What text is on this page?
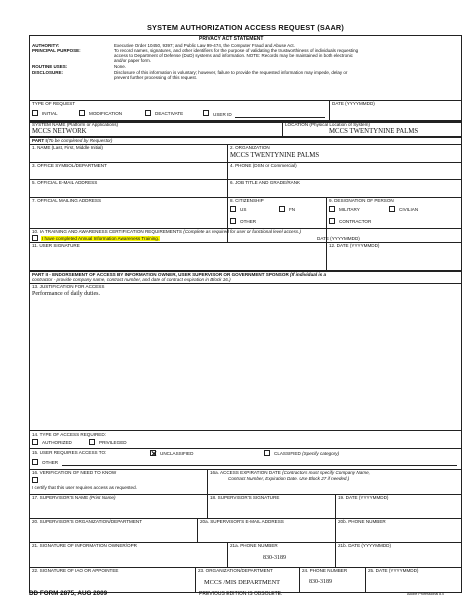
SYSTEM AUTHORIZATION ACCESS REQUEST (SAAR)
PRIVACY ACT STATEMENT
AUTHORITY:	Executive Order 10450, 9397; and Public Law 99-474, the Computer Fraud and Abuse Act.
PRINCIPAL PURPOSE:	To record names, signatures, and other identifiers for the purpose of validating the trustworthiness of individuals requesting
access to Department of Defense (DoD) systems and information. NOTE: Records may be maintained in both electronic
and/or paper form.
ROUTINE USES:	None.
DISCLOSURE:	Disclosure of this information is voluntary; however, failure to provide the requested information may impede, delay or
prevent further processing of this request.
TYPE OF REQUEST
INITIAL	MODIFICATION	DEACTIVATE	USER ID
DATE (YYYYMMDD)
SYSTEM NAME (Platform or Applications)
MCCS NETWORK
LOCATION (Physical Location of System)
MCCS TWENTYNINE PALMS
PART I (To be completed by Requestor)
1. NAME (Last, First, Middle Initial)	2. ORGANIZATION
MCCS TWENTYNINE PALMS
3. OFFICE SYMBOL/DEPARTMENT	4. PHONE (DSN or Commercial)
5. OFFICIAL E-MAIL ADDRESS	6. JOB TITLE AND GRADE/RANK
7. OFFICIAL MAILING ADDRESS	8. CITIZENSHIP
US	FN
OTHER
9. DESIGNATION OF PERSON
MILITARY	CIVILIAN
CONTRACTOR
10. IA TRAINING AND AWARENESS CERTIFICATION REQUIREMENTS (Complete as required for user or functional level access.)
I have completed Annual Information Awareness Training.	DATE (YYYYMMDD)
11. USER SIGNATURE	12. DATE (YYYYMMDD)
PART II - ENDORSEMENT OF ACCESS BY INFORMATION OWNER, USER SUPERVISOR OR GOVERNMENT SPONSOR (If individual is a
contractor - provide company name, contract number, and date of contract expiration in Block 16.)
13. JUSTIFICATION FOR ACCESS
Performance of daily duties.
14. TYPE OF ACCESS REQUIRED:
AUTHORIZED	PRIVILEGED
15. USER REQUIRES ACCESS TO:	UNCLASSIFIED	CLASSIFIED (Specify category)
OTHER
16. VERIFICATION OF NEED TO KNOW
I certify that this user requires access as requested.
16a. ACCESS EXPIRATION DATE (Contractors must specify Company Name,
Contract Number, Expiration Date. Use Block 27 if needed.)
17. SUPERVISOR'S NAME (Print Name)	18. SUPERVISOR'S SIGNATURE	19. DATE (YYYYMMDD)
20. SUPERVISOR'S ORGANIZATION/DEPARTMENT	20a. SUPERVISOR'S E-MAIL ADDRESS	20b. PHONE NUMBER
21. SIGNATURE OF INFORMATION OWNER/OPR	21a. PHONE NUMBER
830-3189
21b. DATE (YYYYMMDD)
22. SIGNATURE OF IAO OR APPOINTEE	23. ORGANIZATION/DEPARTMENT
MCCS /MIS DEPARTMENT
24. PHONE NUMBER
830-3189
25. DATE (YYYYMMDD)
DD FORM 2875, AUG 2009	PREVIOUS EDITION IS OBSOLETE.	Adobe Professional 8.0
